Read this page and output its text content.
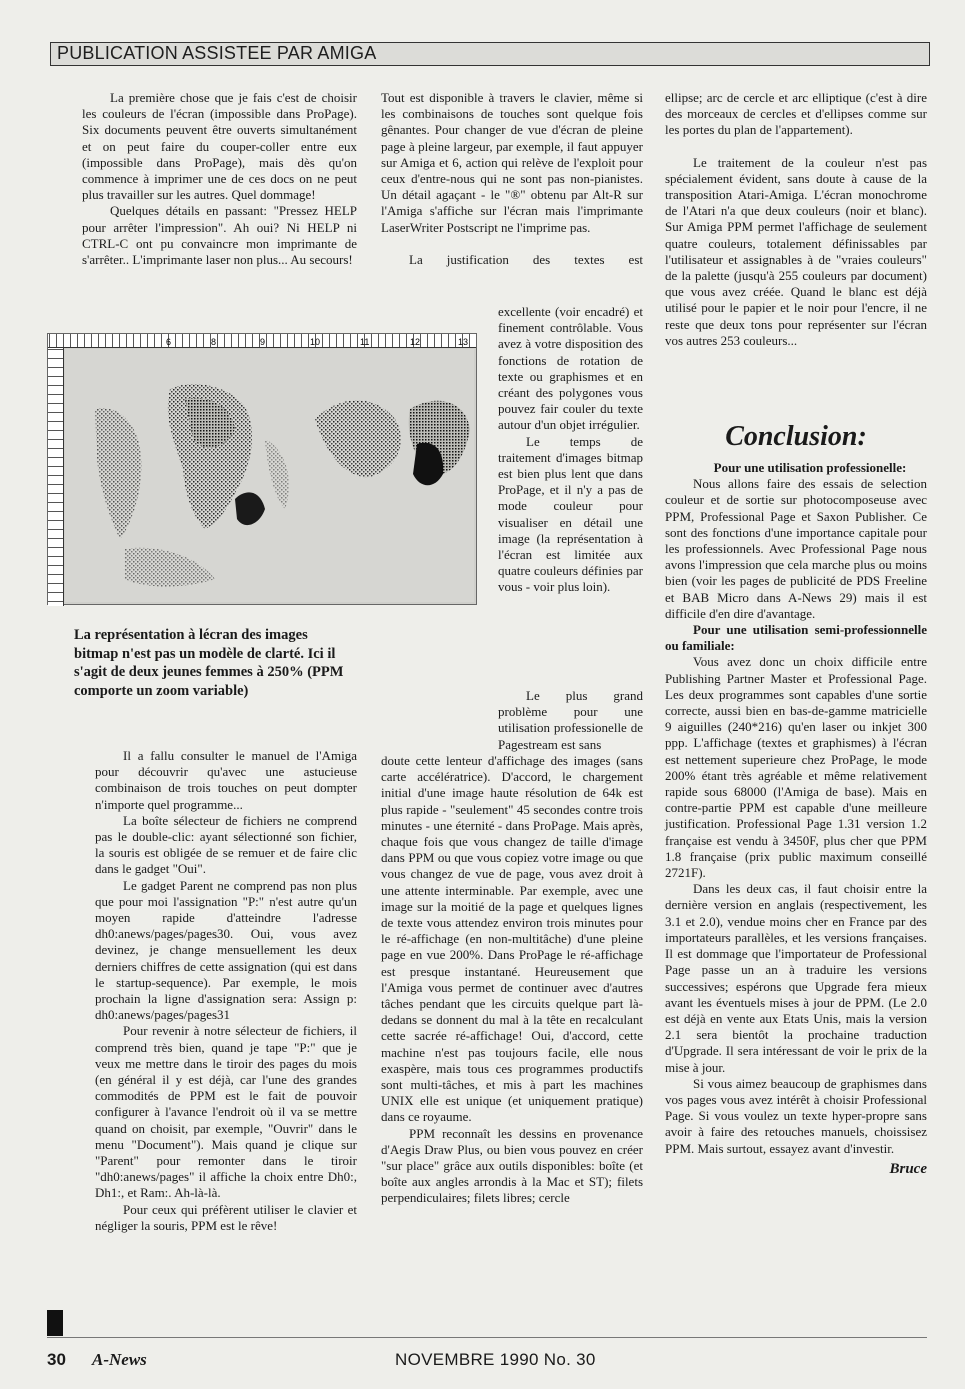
PUBLICATION ASSISTEE PAR AMIGA

La première chose que je fais c'est de choisir les couleurs de l'écran (impossible dans ProPage). Six documents peuvent être ouverts simultanément et on peut faire du couper-coller entre eux (impossible dans ProPage), mais dès qu'on commence à imprimer une de ces docs on ne peut plus travailler sur les autres. Quel dommage!

Quelques détails en passant: "Pressez HELP pour arrêter l'impression". Ah oui? Ni HELP ni CTRL-C ont pu convaincre mon imprimante de s'arrêter.. L'imprimante laser non plus... Au secours!

6	8	9	10	11	12	13
La représentation à lécran des images bitmap n'est pas un modèle de clarté. Ici il s'agit de deux jeunes femmes à 250% (PPM comporte un zoom variable)

Il a fallu consulter le manuel de l'Amiga pour découvrir qu'avec une astucieuse combinaison de trois touches on peut dompter n'importe quel programme...

La boîte sélecteur de fichiers ne comprend pas le double-clic: ayant sélectionné son fichier, la souris est obligée de se remuer et de faire clic dans le gadget "Oui".

Le gadget Parent ne comprend pas non plus que pour moi l'assignation "P:" n'est autre qu'un moyen rapide d'atteindre l'adresse dh0:anews/pages/pages30. Oui, vous avez devinez, je change mensuellement les deux derniers chiffres de cette assignation (qui est dans le startup-sequence). Par exemple, le mois prochain la ligne d'assignation sera: Assign p: dh0:anews/pages/pages31

Pour revenir à notre sélecteur de fichiers, il comprend très bien, quand je tape "P:" que je veux me mettre dans le tiroir des pages du mois (en général il y est déjà, car l'une des grandes commodités de PPM est le fait de pouvoir configurer à l'avance l'endroit où il va se mettre quand on choisit, par exemple, "Ouvrir" dans le menu "Document"). Mais quand je clique sur "Parent" pour remonter dans le tiroir "dh0:anews/pages" il affiche la choix entre Dh0:, Dh1:, et Ram:. Ah-là-là.

Pour ceux qui préfèrent utiliser le clavier et négliger la souris, PPM est le rêve!

Tout est disponible à travers le clavier, même si les combinaisons de touches sont quelque fois gênantes. Pour changer de vue d'écran de pleine page à pleine largeur, par exemple, il faut appuyer sur Amiga et 6, action qui relève de l'exploit pour ceux d'entre-nous qui ne sont pas non-pianistes. Un détail agaçant - le "®" obtenu par Alt-R sur l'Amiga s'affiche sur l'écran mais l'imprimante LaserWriter Postscript ne l'imprime pas.

La justification des textes est

excellente (voir encadré) et finement contrôlable. Vous avez à votre disposition des fonctions de rotation de texte ou graphismes et en créant des polygones vous pouvez fair couler du texte autour d'un objet irrégulier.

Le temps de traitement d'images bitmap est bien plus lent que dans ProPage, et il n'y a pas de mode couleur pour visualiser en détail une image (la représentation à l'écran est limitée aux quatre couleurs définies par vous - voir plus loin).

Le plus grand problème pour une utilisation professionelle de Pagestream est sans

doute cette lenteur d'affichage des images (sans carte accélératrice). D'accord, le chargement initial d'une image haute résolution de 64k est plus rapide - "seulement" 45 secondes contre trois minutes - une éternité - dans ProPage. Mais après, chaque fois que vous changez de taille d'image dans PPM ou que vous copiez votre image ou que vous changez de vue de page, vous avez droit à une attente interminable. Par exemple, avec une image sur la moitié de la page et quelques lignes de texte vous attendez environ trois minutes pour le ré-affichage (en non-multitâche) d'une pleine page en vue 200%. Dans ProPage le ré-affichage est presque instantané. Heureusement que l'Amiga vous permet de continuer avec d'autres tâches pendant que les circuits quelque part là-dedans se donnent du mal à la tête en recalculant cette sacrée ré-affichage! Oui, d'accord, cette machine n'est pas toujours facile, elle nous exaspère, mais tous ces programmes productifs sont multi-tâches, et mis à part les machines UNIX elle est unique (et uniquement pratique) dans ce royaume.

PPM reconnaît les dessins en provenance d'Aegis Draw Plus, ou bien vous pouvez en créer "sur place" grâce aux outils disponibles: boîte (et boîte aux angles arrondis à la Mac et ST); filets perpendiculaires; filets libres; cercle

ellipse; arc de cercle et arc elliptique (c'est à dire des morceaux de cercles et d'ellipses comme sur les portes du plan de l'appartement).

Le traitement de la couleur n'est pas spécialement évident, sans doute à cause de la transposition Atari-Amiga. L'écran monochrome de l'Atari n'a que deux couleurs (noir et blanc). Sur Amiga PPM permet l'affichage de seulement quatre couleurs, totalement définissables par l'utilisateur et assignables à de "vraies couleurs" de la palette (jusqu'à 255 couleurs par document) que vous avez créée. Quand le blanc est déjà utilisé pour le papier et le noir pour l'encre, il ne reste que deux tons pour représenter sur l'écran vos autres 253 couleurs...

Conclusion:

Pour une utilisation professionelle:

Nous allons faire des essais de selection couleur et de sortie sur photocomposeuse avec PPM, Professional Page et Saxon Publisher. Ce sont des fonctions d'une importance capitale pour les professionnels. Avec Professional Page nous avons l'impression que cela marche plus ou moins bien (voir les pages de publicité de PDS Freeline et BAB Micro dans A-News 29) mais il est difficile d'en dire d'avantage.

Pour une utilisation semi-professionnelle ou familiale:

Vous avez donc un choix difficile entre Publishing Partner Master et Professional Page. Les deux programmes sont capables d'une sortie correcte, aussi bien en bas-de-gamme matricielle 9 aiguilles (240*216) qu'en laser ou inkjet 300 ppp. L'affichage (textes et graphismes) à l'écran est nettement superieure chez ProPage, le mode 200% étant très agréable et même relativement rapide sous 68000 (l'Amiga de base). Mais en contre-partie PPM est capable d'une meilleure justification. Professional Page 1.31 version 1.2 française est vendu à 3450F, plus cher que PPM 1.8 française (prix public maximum conseillé 2721F).

Dans les deux cas, il faut choisir entre la dernière version en anglais (respectivement, les 3.1 et 2.0), vendue moins cher en France par des importateurs parallèles, et les versions françaises. Il est dommage que l'importateur de Professional Page passe un an à traduire les versions successives; espérons que Upgrade fera mieux avant les éventuels mises à jour de PPM. (Le 2.0 est déjà en vente aux Etats Unis, mais la version 2.1 sera bientôt la prochaine traduction d'Upgrade. Il sera intéressant de voir le prix de la mise à jour.

Si vous aimez beaucoup de graphismes dans vos pages vous avez intérêt à choisir Professional Page. Si vous voulez un texte hyper-propre sans avoir à faire des retouches manuels, choissisez PPM. Mais surtout, essayez avant d'investir.

Bruce
30 A-News	NOVEMBRE 1990 No. 30
